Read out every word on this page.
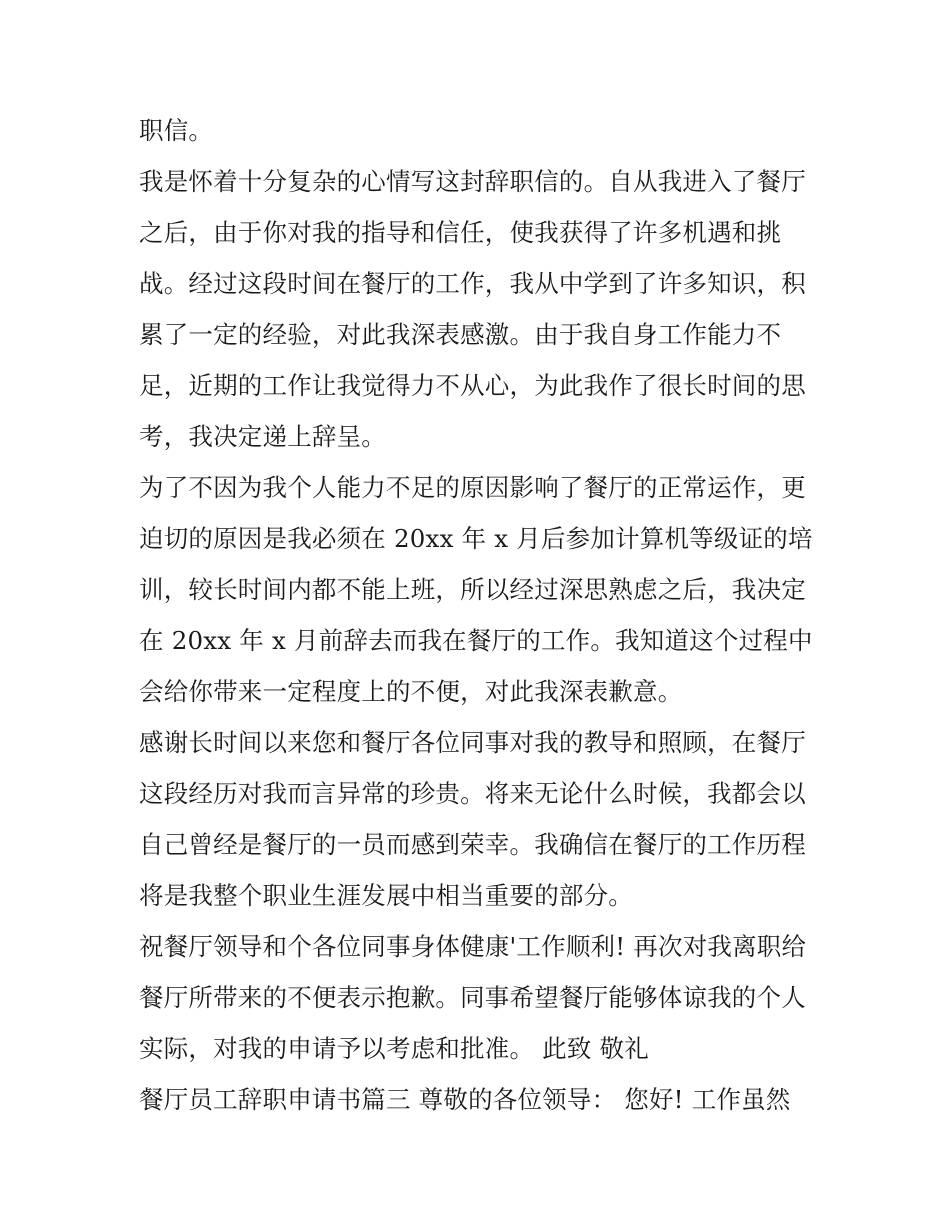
职信。
我是怀着十分复杂的心情写这封辞职信的。自从我进入了餐厅
之后，由于你对我的指导和信任，使我获得了许多机遇和挑
战。经过这段时间在餐厅的工作，我从中学到了许多知识，积
累了一定的经验，对此我深表感激。由于我自身工作能力不
足，近期的工作让我觉得力不从心，为此我作了很长时间的思
考，我决定递上辞呈。
为了不因为我个人能力不足的原因影响了餐厅的正常运作，更
迫切的原因是我必须在 20xx 年 x 月后参加计算机等级证的培
训，较长时间内都不能上班，所以经过深思熟虑之后，我决定
在 20xx 年 x 月前辞去而我在餐厅的工作。我知道这个过程中
会给你带来一定程度上的不便，对此我深表歉意。
感谢长时间以来您和餐厅各位同事对我的教导和照顾，在餐厅
这段经历对我而言异常的珍贵。将来无论什么时候，我都会以
自己曾经是餐厅的一员而感到荣幸。我确信在餐厅的工作历程
将是我整个职业生涯发展中相当重要的部分。
祝餐厅领导和个各位同事身体健康'工作顺利! 再次对我离职给
餐厅所带来的不便表示抱歉。同事希望餐厅能够体谅我的个人
实际，对我的申请予以考虑和批准。 此致 敬礼
餐厅员工辞职申请书篇三 尊敬的各位领导： 您好! 工作虽然
